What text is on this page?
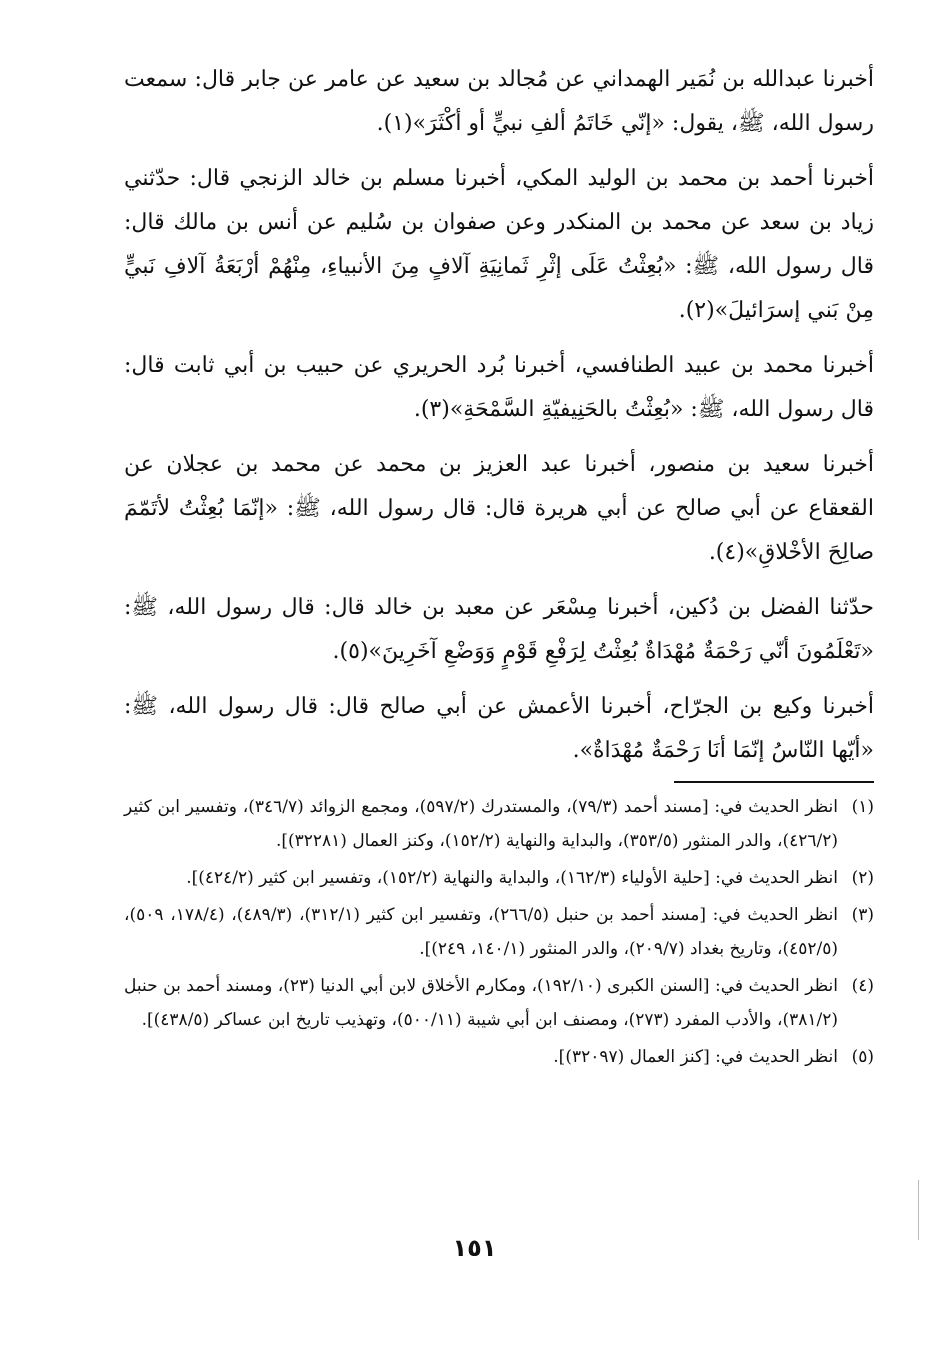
أخبرنا عبدالله بن نُمَير الهمداني عن مُجالد بن سعيد عن عامر عن جابر قال: سمعت رسول الله، ﷺ، يقول: «إنّي خَاتَمُ ألفِ نبيٍّ أو أكْثَرَ»(١).

أخبرنا أحمد بن محمد بن الوليد المكي، أخبرنا مسلم بن خالد الزنجي قال: حدّثني زياد بن سعد عن محمد بن المنكدر وعن صفوان بن سُليم عن أنس بن مالك قال: قال رسول الله، ﷺ: «بُعِثْتُ عَلَى إثْرِ ثَمانِيَةِ آلافٍ مِنَ الأنبياءِ، مِنْهُمْ أرْبَعَةُ آلافِ نَبيٍّ مِنْ بَني إسرَائيلَ»(٢).

أخبرنا محمد بن عبيد الطنافسي، أخبرنا بُرد الحريري عن حبيب بن أبي ثابت قال: قال رسول الله، ﷺ: «بُعِثْتُ بالحَنِيفيّةِ السَّمْحَةِ»(٣).

أخبرنا سعيد بن منصور، أخبرنا عبد العزيز بن محمد عن محمد بن عجلان عن القعقاع عن أبي صالح عن أبي هريرة قال: قال رسول الله، ﷺ: «إنّمَا بُعِثْتُ لأتَمّمَ صالِحَ الأخْلاقِ»(٤).

حدّثنا الفضل بن دُكين، أخبرنا مِسْعَر عن معبد بن خالد قال: قال رسول الله، ﷺ: «تَعْلَمُونَ أنّي رَحْمَةٌ مُهْدَاةٌ بُعِثْتُ لِرَفْعِ قَوْمٍ وَوَضْعِ آخَرِينَ»(٥).

أخبرنا وكيع بن الجرّاح، أخبرنا الأعمش عن أبي صالح قال: قال رسول الله، ﷺ: «أيّها النّاسُ إنّمَا أنَا رَحْمَةٌ مُهْدَاةٌ».

(١)
انظر الحديث في: [مسند أحمد (٧٩/٣)، والمستدرك (٥٩٧/٢)، ومجمع الزوائد (٣٤٦/٧)، وتفسير ابن كثير (٤٢٦/٢)، والدر المنثور (٣٥٣/٥)، والبداية والنهاية (١٥٢/٢)، وكنز العمال (٣٢٢٨١)].
(٢)
انظر الحديث في: [حلية الأولياء (١٦٢/٣)، والبداية والنهاية (١٥٢/٢)، وتفسير ابن كثير (٤٢٤/٢)].
(٣)
انظر الحديث في: [مسند أحمد بن حنبل (٢٦٦/٥)، وتفسير ابن كثير (٣١٢/١)، (٤٨٩/٣)، (١٧٨/٤، ٥٠٩)، (٤٥٢/٥)، وتاريخ بغداد (٢٠٩/٧)، والدر المنثور (١٤٠/١، ٢٤٩)].
(٤)
انظر الحديث في: [السنن الكبرى (١٩٢/١٠)، ومكارم الأخلاق لابن أبي الدنيا (٢٣)، ومسند أحمد بن حنبل (٣٨١/٢)، والأدب المفرد (٢٧٣)، ومصنف ابن أبي شيبة (٥٠٠/١١)، وتهذيب تاريخ ابن عساكر (٤٣٨/٥)].
(٥)
انظر الحديث في: [كنز العمال (٣٢٠٩٧)].
١٥١
